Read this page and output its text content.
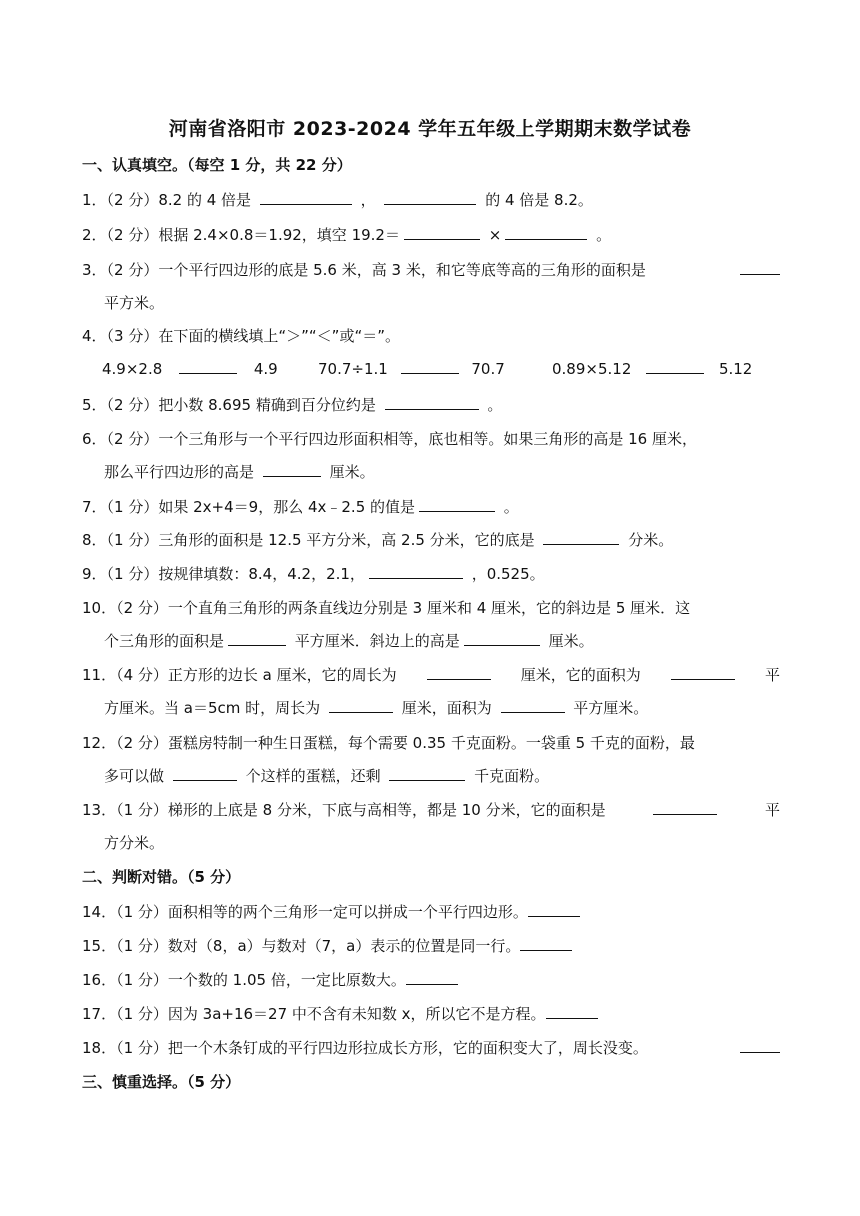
河南省洛阳市 2023-2024 学年五年级上学期期末数学试卷
一、认真填空。（每空 1 分，共 22 分）
1．（2 分）8.2 的 4 倍是	，	的 4 倍是 8.2。
2．（2 分）根据 2.4×0.8＝1.92，填空 19.2＝	×	。
3．（2 分）一个平行四边形的底是 5.6 米，高 3 米，和它等底等高的三角形的面积是
平方米。
4．（3 分）在下面的横线填上“＞”“＜”或“＝”。
4.9×2.8	4.9	70.7÷1.1	70.7	0.89×5.12	5.12
5．（2 分）把小数 8.695 精确到百分位约是	。
6．（2 分）一个三角形与一个平行四边形面积相等，底也相等。如果三角形的高是 16 厘米，
那么平行四边形的高是	厘米。
7．（1 分）如果 2x+4＝9，那么 4x﹣2.5 的值是	。
8．（1 分）三角形的面积是 12.5 平方分米，高 2.5 分米，它的底是	分米。
9．（1 分）按规律填数：8.4，4.2，2.1，	，0.525。
10．（2 分）一个直角三角形的两条直线边分别是 3 厘米和 4 厘米，它的斜边是 5 厘米．这
个三角形的面积是	平方厘米．斜边上的高是	厘米。
11．（4 分）正方形的边长 a 厘米，它的周长为	厘米，它的面积为	平
方厘米。当 a＝5cm 时，周长为	厘米，面积为	平方厘米。
12．（2 分）蛋糕房特制一种生日蛋糕，每个需要 0.35 千克面粉。一袋重 5 千克的面粉，最
多可以做	个这样的蛋糕，还剩	千克面粉。
13．（1 分）梯形的上底是 8 分米，下底与高相等，都是 10 分米，它的面积是	平
方分米。
二、判断对错。（5 分）
14．（1 分）面积相等的两个三角形一定可以拼成一个平行四边形。
15．（1 分）数对（8，a）与数对（7，a）表示的位置是同一行。
16．（1 分）一个数的 1.05 倍，一定比原数大。
17．（1 分）因为 3a+16＝27 中不含有未知数 x，所以它不是方程。
18．（1 分）把一个木条钉成的平行四边形拉成长方形，它的面积变大了，周长没变。
三、慎重选择。（5 分）
